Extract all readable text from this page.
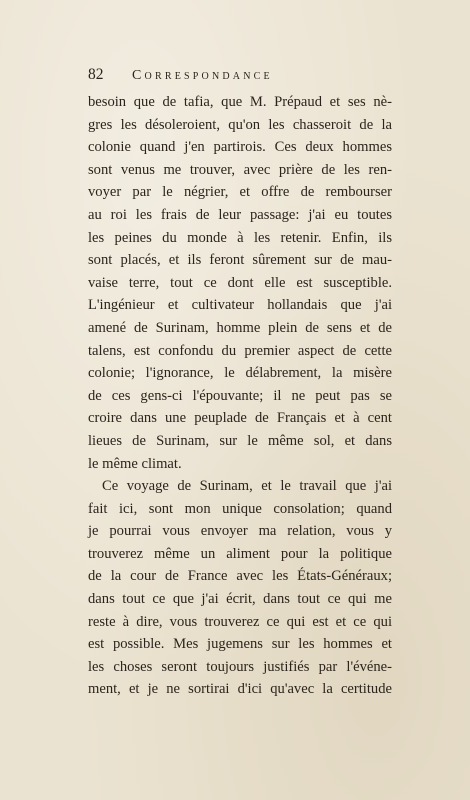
82	Correspondance
besoin que de tafia, que M. Prépaud et ses nè-
gres les désoleroient, qu'on les chasseroit de la
colonie quand j'en partirois. Ces deux hommes
sont venus me trouver, avec prière de les ren-
voyer par le négrier, et offre de rembourser
au roi les frais de leur passage: j'ai eu toutes
les peines du monde à les retenir. Enfin, ils
sont placés, et ils feront sûrement sur de mau-
vaise terre, tout ce dont elle est susceptible.
L'ingénieur et cultivateur hollandais que j'ai
amené de Surinam, homme plein de sens et de
talens, est confondu du premier aspect de cette
colonie; l'ignorance, le délabrement, la misère
de ces gens-ci l'épouvante; il ne peut pas se
croire dans une peuplade de Français et à cent
lieues de Surinam, sur le même sol, et dans
le même climat.
Ce voyage de Surinam, et le travail que j'ai
fait ici, sont mon unique consolation; quand
je pourrai vous envoyer ma relation, vous y
trouverez même un aliment pour la politique
de la cour de France avec les États-Généraux;
dans tout ce que j'ai écrit, dans tout ce qui me
reste à dire, vous trouverez ce qui est et ce qui
est possible. Mes jugemens sur les hommes et
les choses seront toujours justifiés par l'événe-
ment, et je ne sortirai d'ici qu'avec la certitude
